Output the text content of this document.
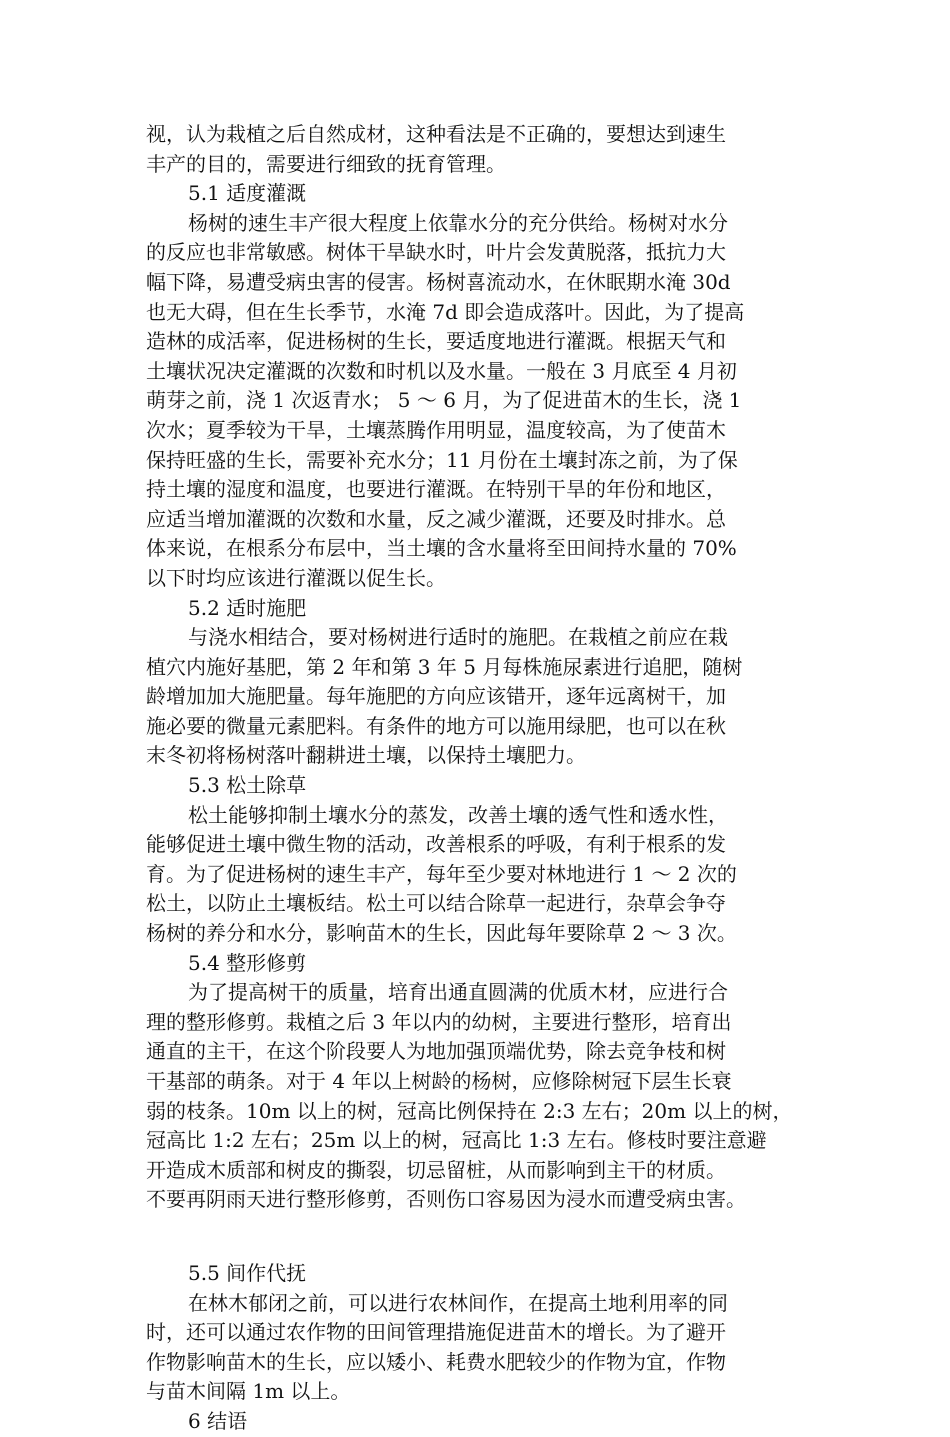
视，认为栽植之后自然成材，这种看法是不正确的，要想达到速生
丰产的目的，需要进行细致的抚育管理。
5.1 适度灌溉
杨树的速生丰产很大程度上依靠水分的充分供给。杨树对水分
的反应也非常敏感。树体干旱缺水时，叶片会发黄脱落，抵抗力大
幅下降，易遭受病虫害的侵害。杨树喜流动水，在休眠期水淹 30d
也无大碍，但在生长季节，水淹 7d 即会造成落叶。因此，为了提高
造林的成活率，促进杨树的生长，要适度地进行灌溉。根据天气和
土壤状况决定灌溉的次数和时机以及水量。一般在 3 月底至 4 月初
萌芽之前，浇 1 次返青水； 5 ～ 6 月，为了促进苗木的生长，浇 1
次水；夏季较为干旱，土壤蒸腾作用明显，温度较高，为了使苗木
保持旺盛的生长，需要补充水分；11 月份在土壤封冻之前，为了保
持土壤的湿度和温度，也要进行灌溉。在特别干旱的年份和地区，
应适当增加灌溉的次数和水量，反之减少灌溉，还要及时排水。总
体来说，在根系分布层中，当土壤的含水量将至田间持水量的 70%
以下时均应该进行灌溉以促生长。
5.2 适时施肥
与浇水相结合，要对杨树进行适时的施肥。在栽植之前应在栽
植穴内施好基肥，第 2 年和第 3 年 5 月每株施尿素进行追肥，随树
龄增加加大施肥量。每年施肥的方向应该错开，逐年远离树干，加
施必要的微量元素肥料。有条件的地方可以施用绿肥，也可以在秋
末冬初将杨树落叶翻耕进土壤，以保持土壤肥力。
5.3 松土除草
松土能够抑制土壤水分的蒸发，改善土壤的透气性和透水性，
能够促进土壤中微生物的活动，改善根系的呼吸，有利于根系的发
育。为了促进杨树的速生丰产，每年至少要对林地进行 1 ～ 2 次的
松土，以防止土壤板结。松土可以结合除草一起进行，杂草会争夺
杨树的养分和水分，影响苗木的生长，因此每年要除草 2 ～ 3 次。
5.4 整形修剪
为了提高树干的质量，培育出通直圆满的优质木材，应进行合
理的整形修剪。栽植之后 3 年以内的幼树，主要进行整形，培育出
通直的主干，在这个阶段要人为地加强顶端优势，除去竞争枝和树
干基部的萌条。对于 4 年以上树龄的杨树，应修除树冠下层生长衰
弱的枝条。10m 以上的树，冠高比例保持在 2:3 左右；20m 以上的树，
冠高比 1:2 左右；25m 以上的树，冠高比 1:3 左右。修枝时要注意避
开造成木质部和树皮的撕裂，切忌留桩，从而影响到主干的材质。
不要再阴雨天进行整形修剪，否则伤口容易因为浸水而遭受病虫害。
5.5 间作代抚
在林木郁闭之前，可以进行农林间作，在提高土地利用率的同
时，还可以通过农作物的田间管理措施促进苗木的增长。为了避开
作物影响苗木的生长，应以矮小、耗费水肥较少的作物为宜，作物
与苗木间隔 1m 以上。
6 结语
